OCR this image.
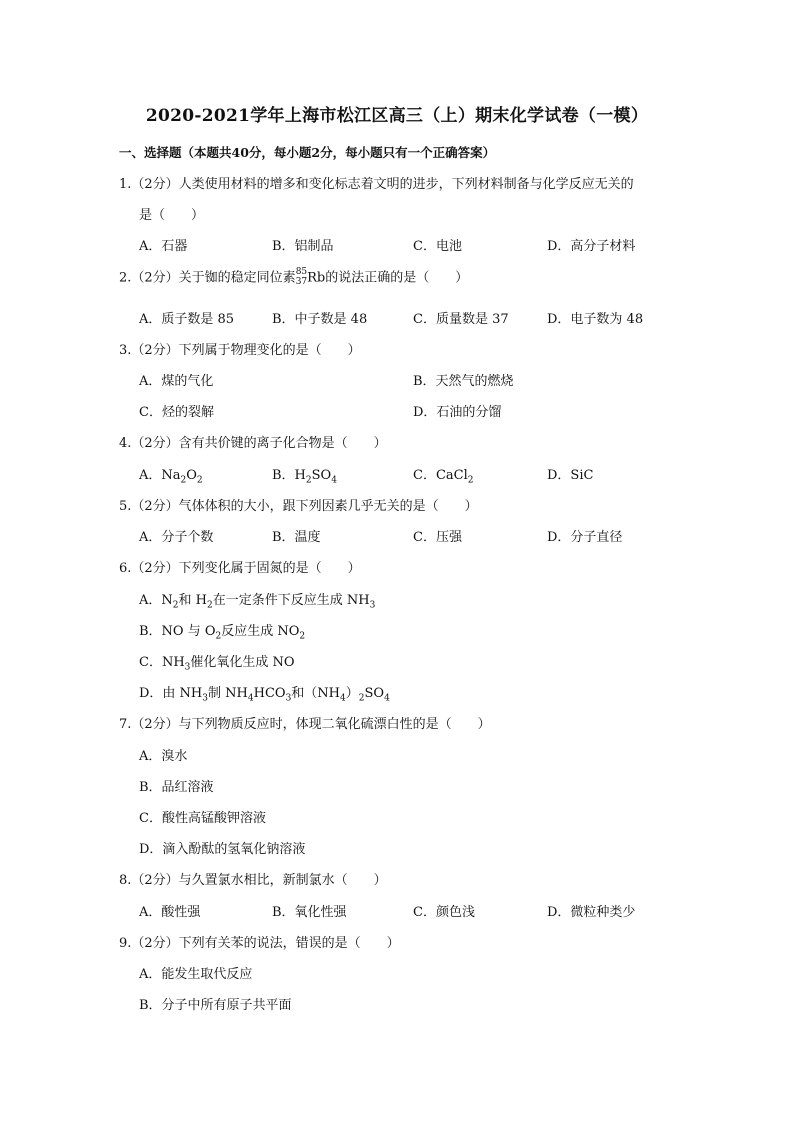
2020-2021学年上海市松江区高三（上）期末化学试卷（一模）
一、选择题（本题共40分，每小题2分，每小题只有一个正确答案）
1.（2分）人类使用材料的增多和变化标志着文明的进步，下列材料制备与化学反应无关的
是（　　）
A．石器	B．铝制品	C．电池	D．高分子材料
2.（2分）关于铷的稳定同位素 85
37 Rb的说法正确的是（　　）
A．质子数是 85	B．中子数是 48	C．质量数是 37	D．电子数为 48
3.（2分）下列属于物理变化的是（　　）
A．煤的气化	B．天然气的燃烧
C．烃的裂解	D．石油的分馏
4.（2分）含有共价键的离子化合物是（　　）
A．$Na_2O_2$	B．$H_2SO_4$	C．CaCl$_2$	D．SiC
5.（2分）气体体积的大小，跟下列因素几乎无关的是（　　）
A．分子个数	B．温度	C．压强	D．分子直径
6.（2分）下列变化属于固氮的是（　　）
A．$N_2$和 $H_2$在一定条件下反应生成 $NH_3$
B．NO 与 $O_2$反应生成 $NO_2$
C．$NH_3$催化氧化生成 NO
D．由 $NH_3$制 $NH_4HCO_3$和$(NH_4)_2SO_4$
7.（2分）与下列物质反应时，体现二氧化硫漂白性的是（　　）
A．溴水
B．品红溶液
C．酸性高锰酸钾溶液
D．滴入酚酞的氢氧化钠溶液
8.（2分）与久置氯水相比，新制氯水（　　）
A．酸性强	B．氧化性强	C．颜色浅	D．微粒种类少
9.（2分）下列有关苯的说法，错误的是（　　）
A．能发生取代反应
B．分子中所有原子共平面
